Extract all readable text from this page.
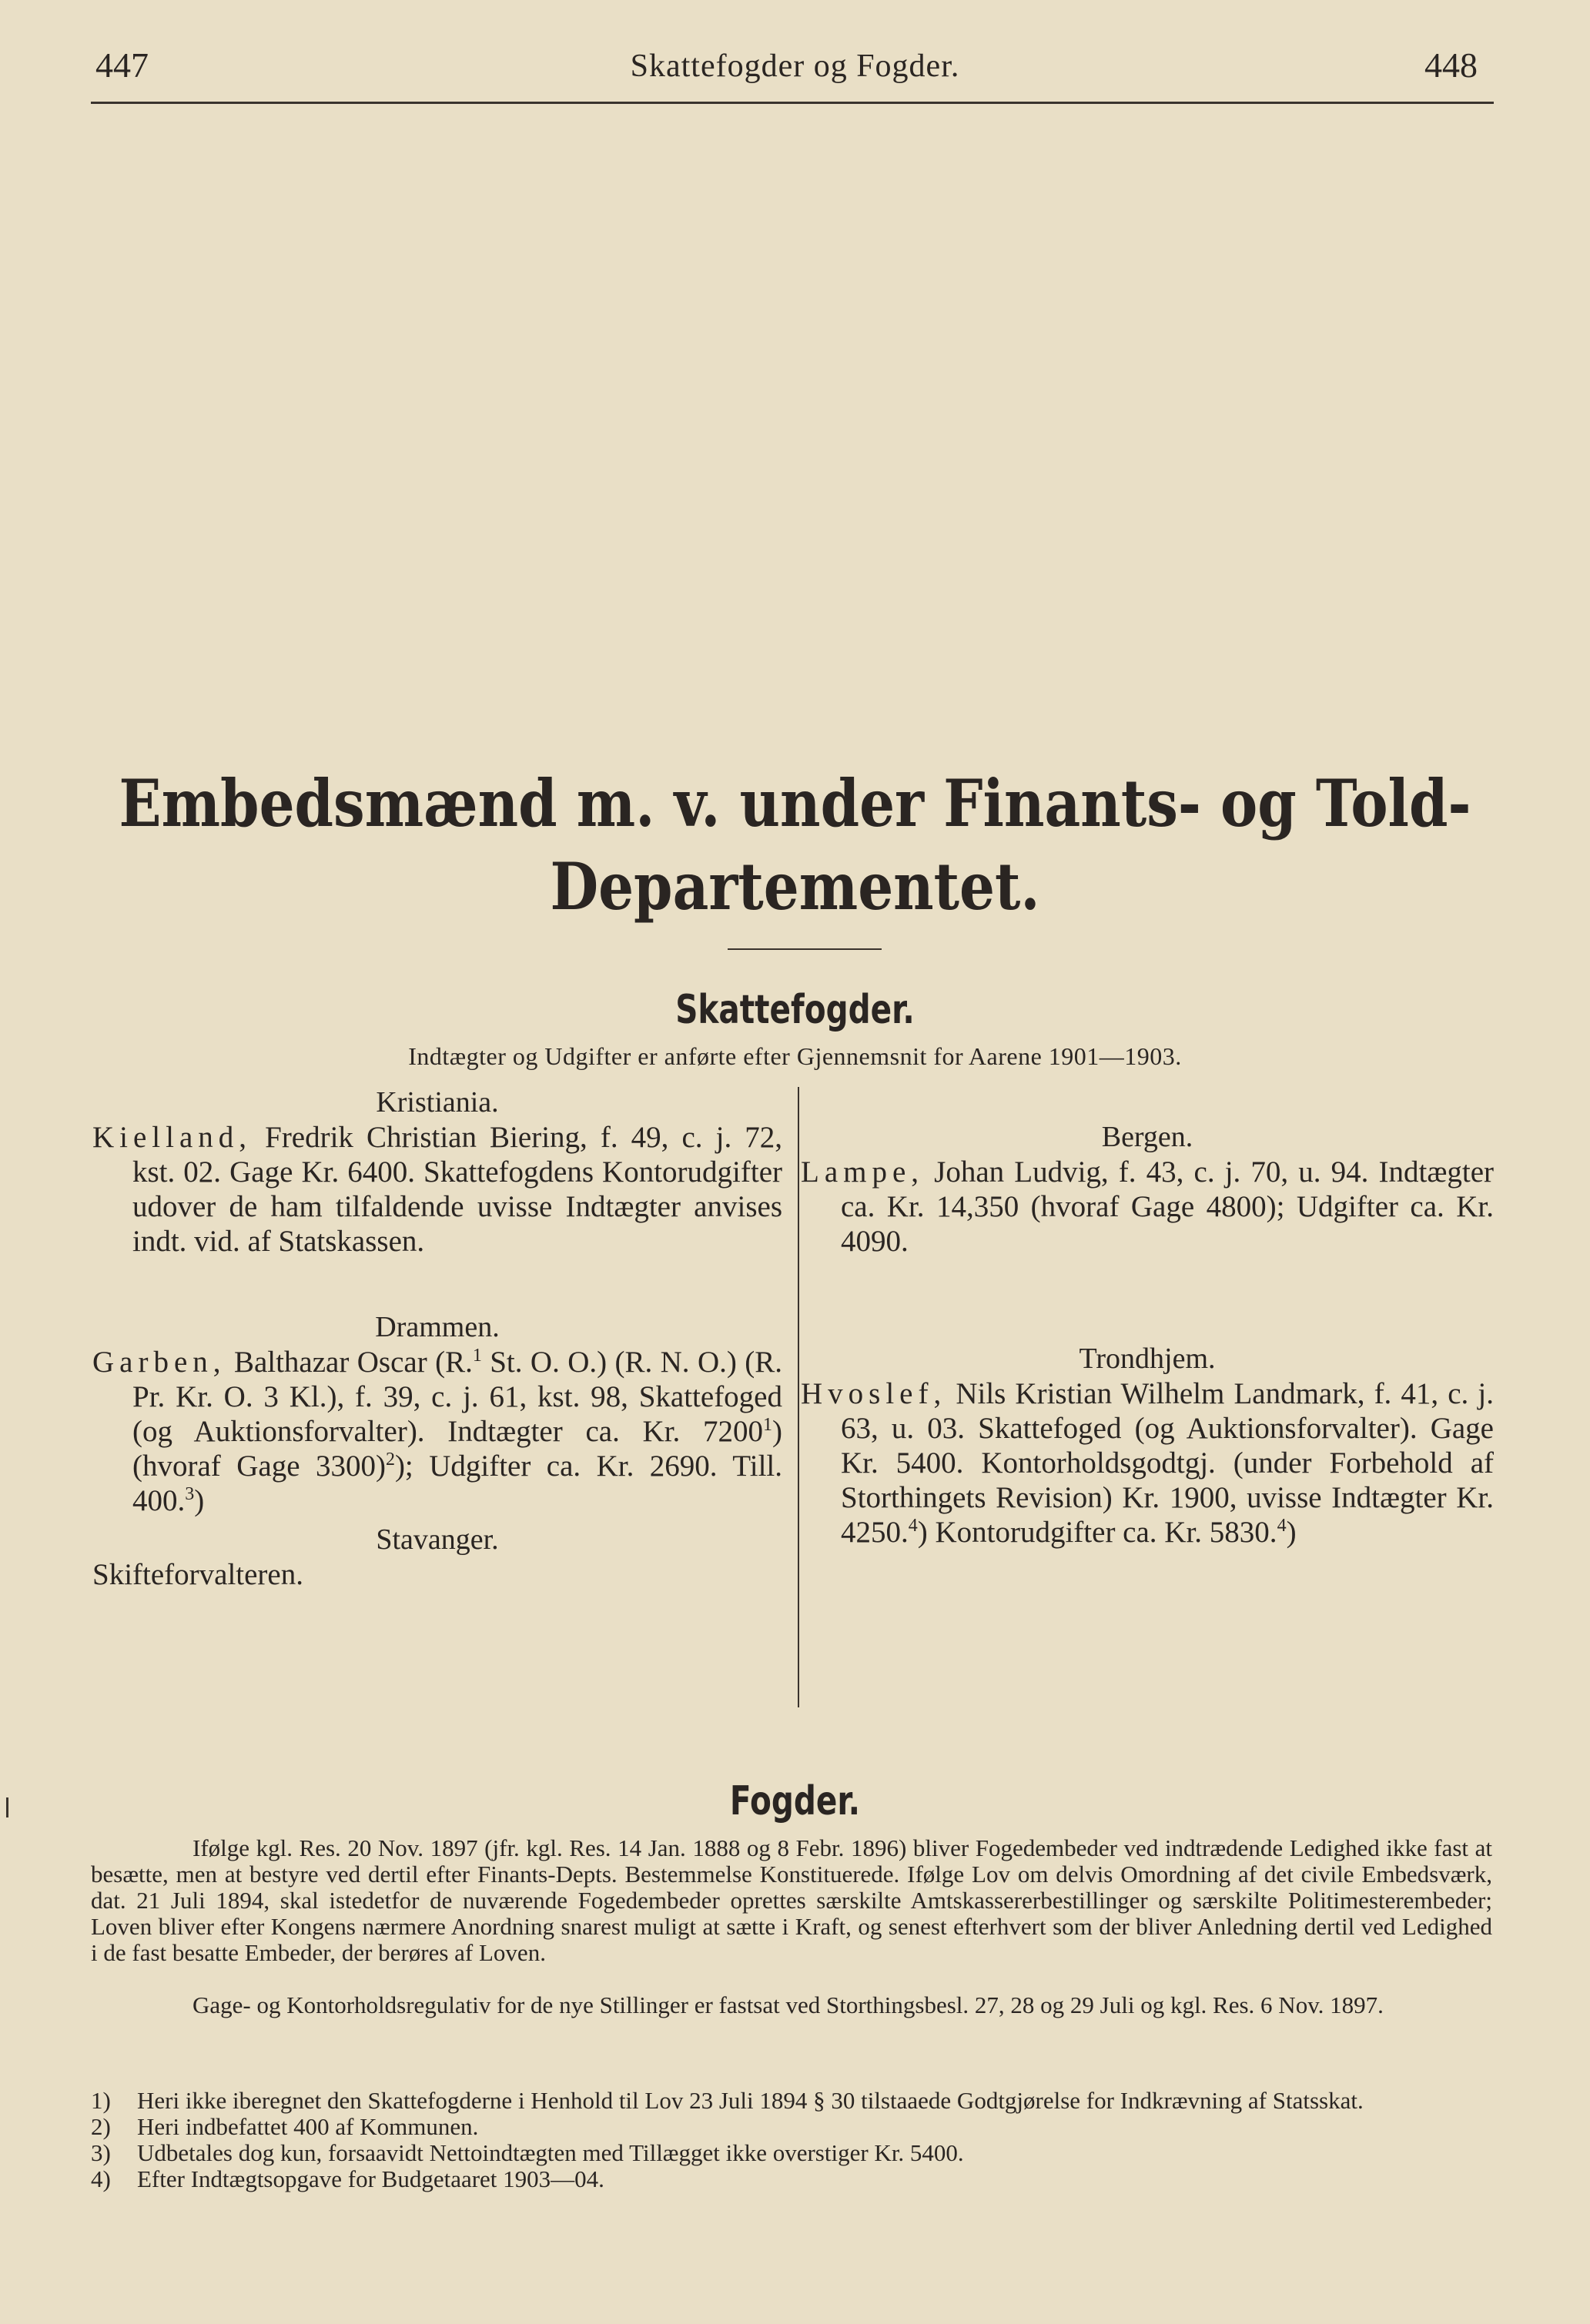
447	Skattefogder og Fogder.	448
Embedsmænd m. v. under Finants- og Told-
Departementet.
Skattefogder.
Indtægter og Udgifter er anførte efter Gjennemsnit for Aarene 1901—1903.
Kristiania.
Kielland, Fredrik Christian Biering, f. 49, c. j. 72, kst. 02. Gage Kr. 6400. Skattefogdens Kontorudgifter udover de ham tilfaldende uvisse Indtægter anvises indt. vid. af Statskassen.
Drammen.
Garben, Balthazar Oscar (R.$^1$ St. O. O.) (R. N. O.) (R. Pr. Kr. O. 3 Kl.), f. 39, c. j. 61, kst. 98, Skattefoged (og Auktionsforvalter). Indtægter ca. Kr. 7200$^1$) (hvoraf Gage 3300)$^2$); Udgifter ca. Kr. 2690. Till. 400.$^3$)
Stavanger.
Skifteforvalteren.
Bergen.
Lampe, Johan Ludvig, f. 43, c. j. 70, u. 94. Indtægter ca. Kr. 14,350 (hvoraf Gage 4800); Udgifter ca. Kr. 4090.
Trondhjem.
Hvoslef, Nils Kristian Wilhelm Landmark, f. 41, c. j. 63, u. 03. Skattefoged (og Auktionsforvalter). Gage Kr. 5400. Kontorholdsgodtgj. (under Forbehold af Storthingets Revision) Kr. 1900, uvisse Indtægter Kr. 4250.$^4$) Kontorudgifter ca. Kr. 5830.$^4$)
Fogder.
Ifølge kgl. Res. 20 Nov. 1897 (jfr. kgl. Res. 14 Jan. 1888 og 8 Febr. 1896) bliver Fogedembeder ved indtrædende Ledighed ikke fast at besætte, men at bestyre ved dertil efter Finants-Depts. Bestemmelse Konstituerede. Ifølge Lov om delvis Omordning af det civile Embedsværk, dat. 21 Juli 1894, skal istedetfor de nuværende Fogedembeder oprettes særskilte Amtskassererbestillinger og særskilte Politimesterembeder; Loven bliver efter Kongens nærmere Anordning snarest muligt at sætte i Kraft, og senest efterhvert som der bliver Anledning dertil ved Ledighed i de fast besatte Embeder, der berøres af Loven.
Gage- og Kontorholdsregulativ for de nye Stillinger er fastsat ved Storthingsbesl. 27, 28 og 29 Juli og kgl. Res. 6 Nov. 1897.
1) Heri ikke iberegnet den Skattefogderne i Henhold til Lov 23 Juli 1894 § 30 tilstaaede Godtgjørelse for Indkrævning af Statsskat.
2) Heri indbefattet 400 af Kommunen.
3) Udbetales dog kun, forsaavidt Nettoindtægten med Tillægget ikke overstiger Kr. 5400.
4) Efter Indtægtsopgave for Budgetaaret 1903—04.
